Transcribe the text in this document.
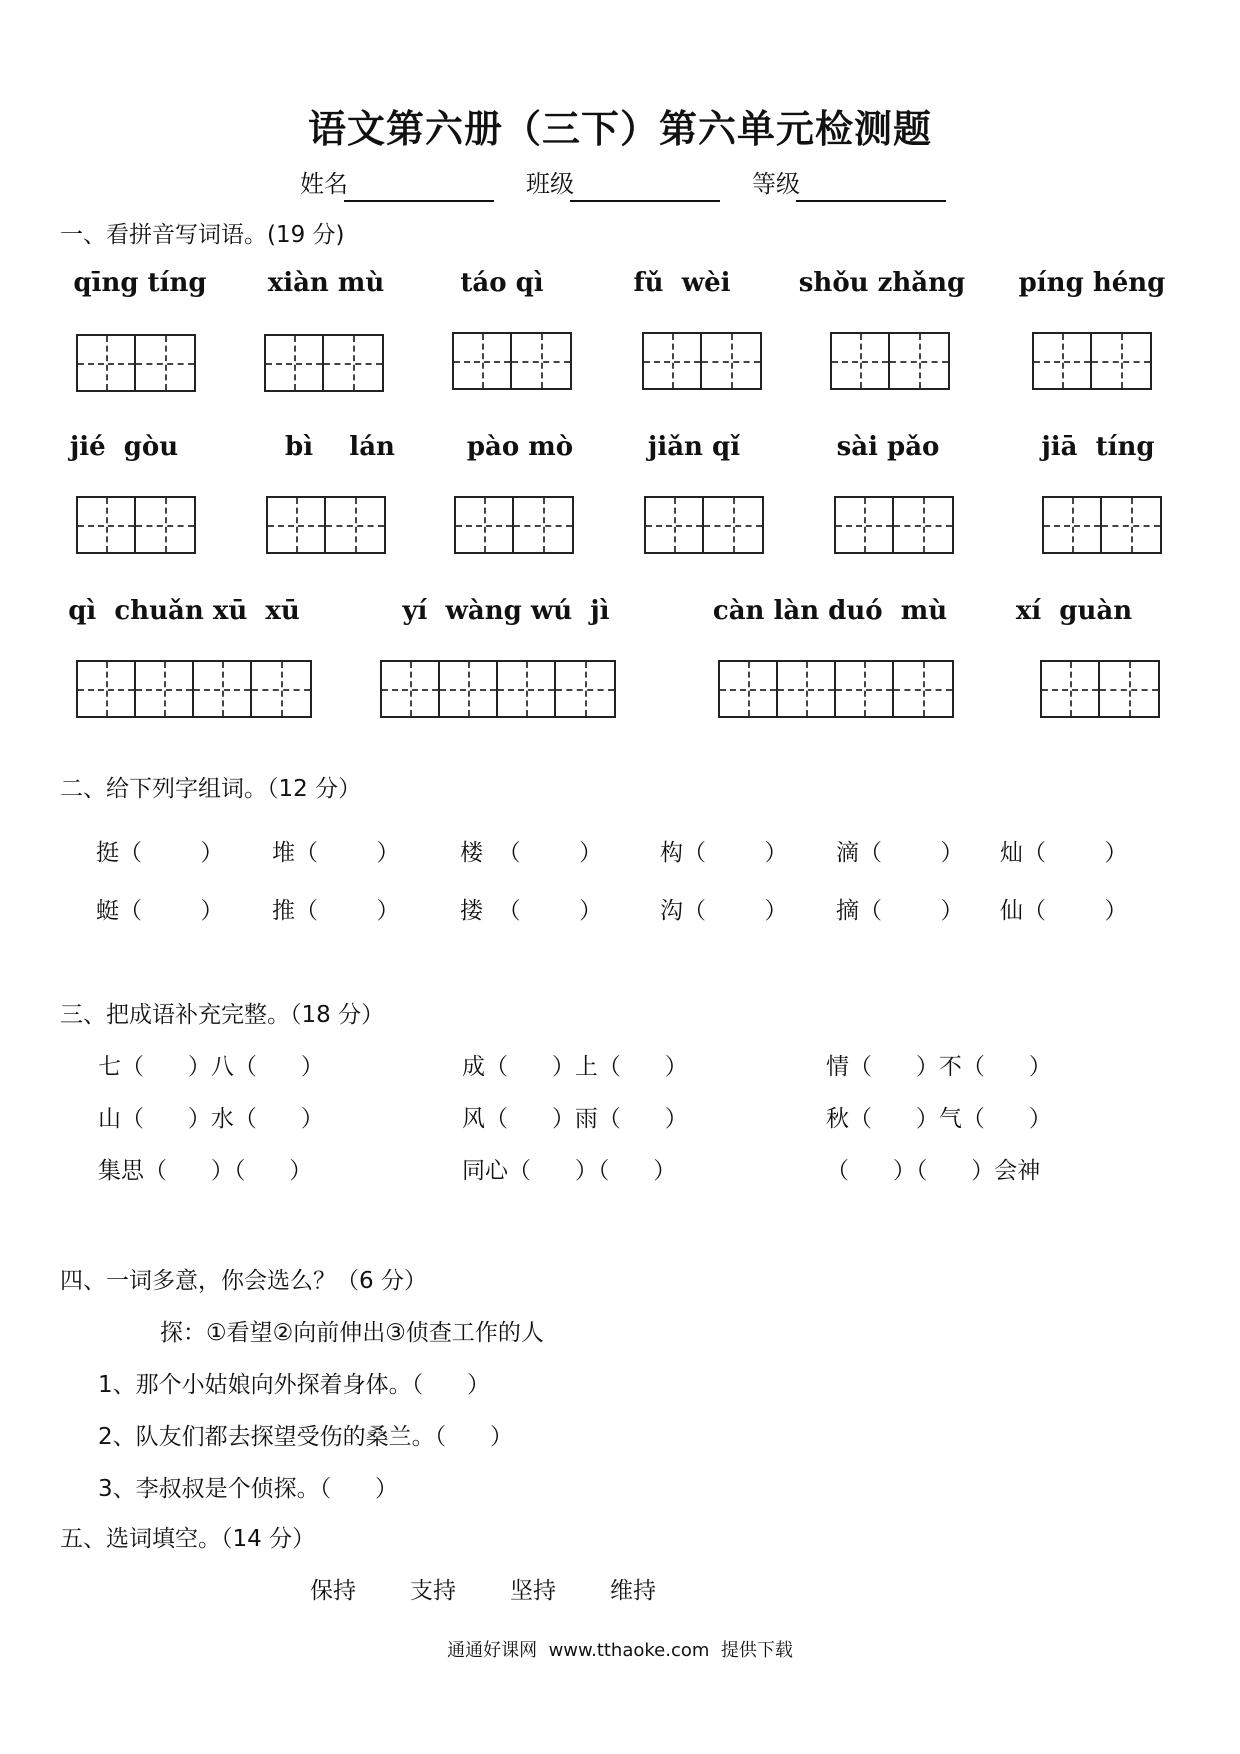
语文第六册（三下）第六单元检测题

姓名

	班级

	等级

一、看拼音写词语。(19 分)
qīng tíng	xiàn mù	táo qì	fǔ  wèi	shǒu zhǎng	píng héng
jié  gòu	bì    lán	pào mò	jiǎn qǐ	sài pǎo	jiā  tíng
qì  chuǎn xū  xū	yí  wàng wú  jì	càn làn duó  mù	xí  guàn
二、给下列字组词。（12 分）
挺（        ） 堆（        ）	楼  （        ）	构（        ） 滴（        ） 灿（        ）
蜓（        ） 推（        ）	搂  （        ）	沟（        ） 摘（        ） 仙（        ）
三、把成语补充完整。（18 分）
七（      ）八（      ）	成（      ）上（      ）	情（      ）不（      ）
山（      ）水（      ）	风（      ）雨（      ）	秋（      ）气（      ）
集思（      ）（      ）	同心（      ）（      ）	（      ）（      ）会神
四、一词多意，你会选么？（6 分）
探：①看望②向前伸出③侦查工作的人
1、那个小姑娘向外探着身体。（      ）
2、队友们都去探望受伤的桑兰。（      ）
3、李叔叔是个侦探。（      ）
五、选词填空。（14 分）
保持 支持 坚持 维持
通通好课网  www.tthaoke.com  提供下载
